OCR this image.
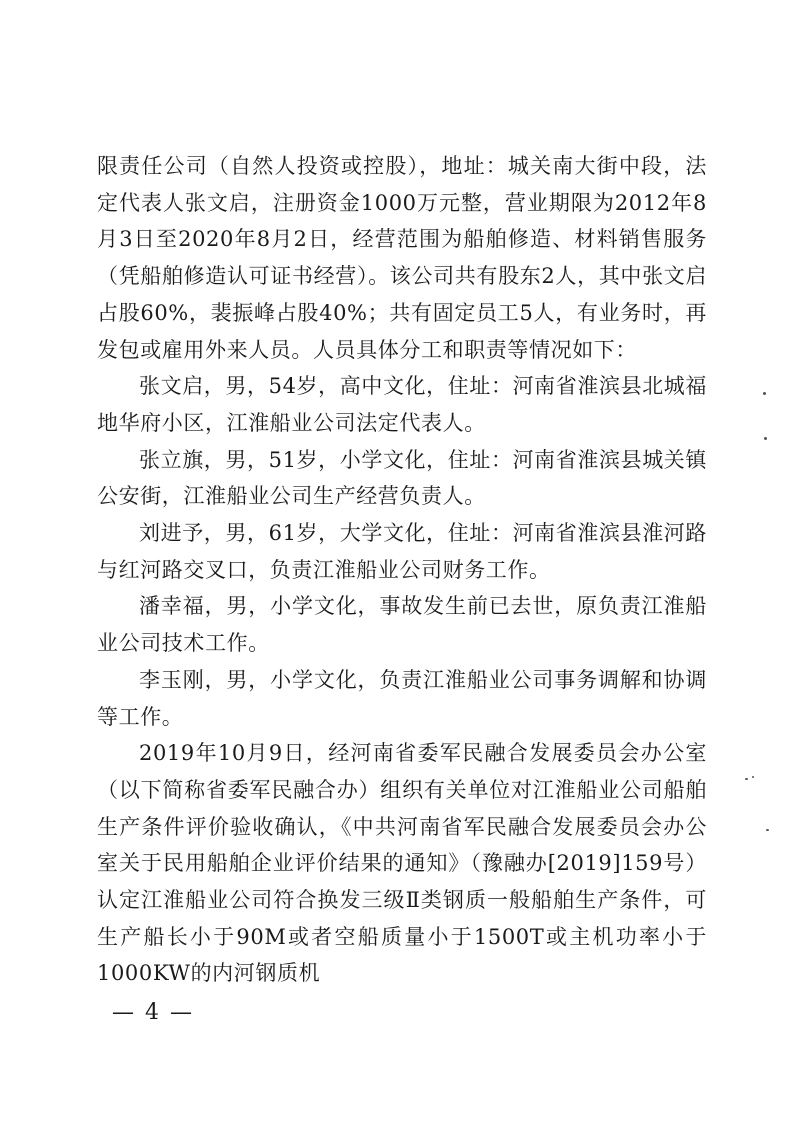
限责任公司（自然人投资或控股），地址：城关南大街中段，法定代表人张文启，注册资金1000万元整，营业期限为2012年8月3日至2020年8月2日，经营范围为船舶修造、材料销售服务（凭船舶修造认可证书经营）。该公司共有股东2人，其中张文启占股60%，裴振峰占股40%；共有固定员工5人，有业务时，再发包或雇用外来人员。人员具体分工和职责等情况如下：

张文启，男，54岁，高中文化，住址：河南省淮滨县北城福地华府小区，江淮船业公司法定代表人。

张立旗，男，51岁，小学文化，住址：河南省淮滨县城关镇公安街，江淮船业公司生产经营负责人。

刘进予，男，61岁，大学文化，住址：河南省淮滨县淮河路与红河路交叉口，负责江淮船业公司财务工作。

潘幸福，男，小学文化，事故发生前已去世，原负责江淮船业公司技术工作。

李玉刚，男，小学文化，负责江淮船业公司事务调解和协调等工作。

2019年10月9日，经河南省委军民融合发展委员会办公室（以下简称省委军民融合办）组织有关单位对江淮船业公司船舶生产条件评价验收确认，《中共河南省军民融合发展委员会办公室关于民用船舶企业评价结果的通知》（豫融办[2019]159号）认定江淮船业公司符合换发三级Ⅱ类钢质一般船舶生产条件，可生产船长小于90M或者空船质量小于1500T或主机功率小于1000KW的内河钢质机

— 4 —
